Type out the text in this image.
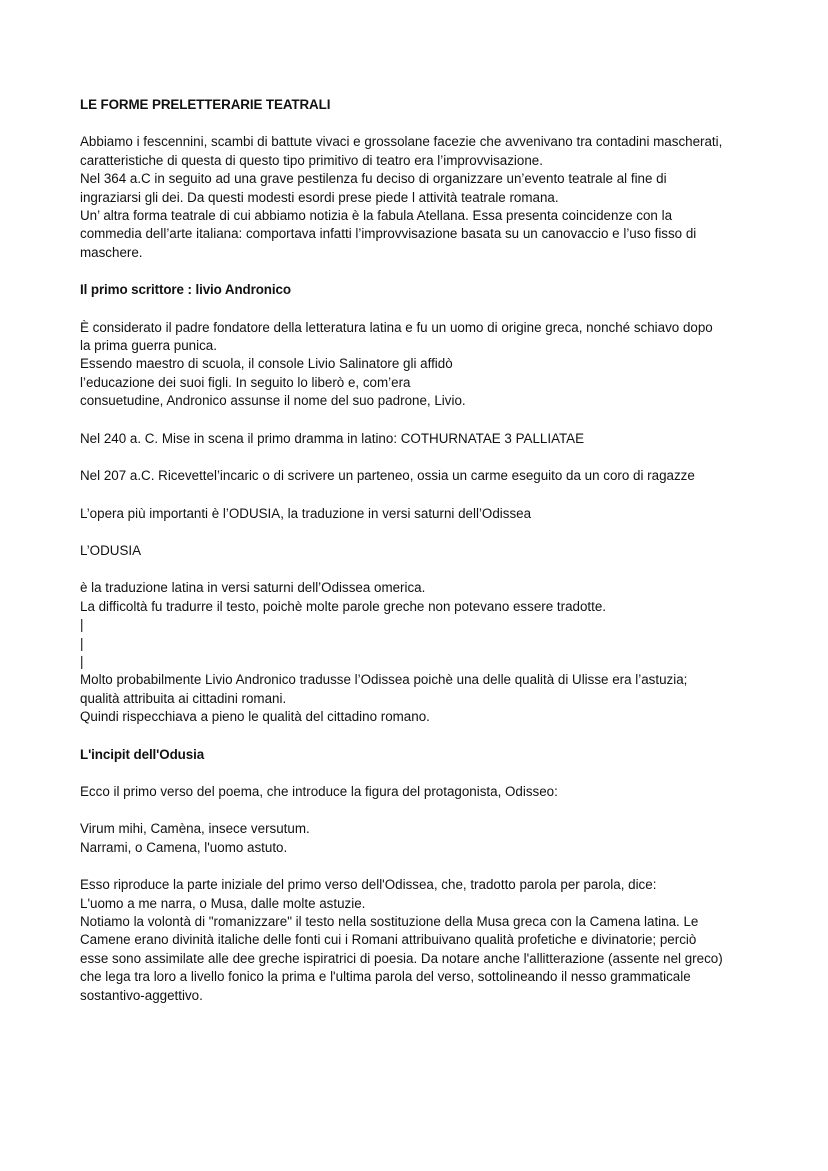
LE FORME PRELETTERARIE TEATRALI

Abbiamo i fescennini, scambi di battute vivaci e grossolane facezie che avvenivano tra contadini mascherati,

caratteristiche di questa di questo tipo primitivo di teatro era l’improvvisazione.

Nel 364 a.C in seguito ad una grave pestilenza fu deciso di organizzare un’evento teatrale al fine di

ingraziarsi gli dei. Da questi modesti esordi prese piede l attività teatrale romana.

Un’ altra forma teatrale di cui abbiamo notizia è la fabula Atellana. Essa presenta coincidenze con la

commedia dell’arte italiana: comportava infatti l’improvvisazione basata su un canovaccio e l’uso fisso di

maschere.

Il primo scrittore : livio Andronico

È considerato il padre fondatore della letteratura latina e fu un uomo di origine greca, nonché schiavo dopo

la prima guerra punica.

Essendo maestro di scuola, il console Livio Salinatore gli affidò

l’educazione dei suoi figli. In seguito lo liberò e, com’era

consuetudine, Andronico assunse il nome del suo padrone, Livio.

Nel 240 a. C. Mise in scena il primo dramma in latino: COTHURNATAE 3 PALLIATAE

Nel 207 a.C. Ricevettel’incaric o di scrivere un parteneo, ossia un carme eseguito da un coro di ragazze

L’opera più importanti è l’ODUSIA, la traduzione in versi saturni dell’Odissea

L’ODUSIA

è la traduzione latina in versi saturni dell’Odissea omerica.

La difficoltà fu tradurre il testo, poichè molte parole greche non potevano essere tradotte.

|

|

|

Molto probabilmente Livio Andronico tradusse l’Odissea poichè una delle qualità di Ulisse era l’astuzia;

qualità attribuita ai cittadini romani.

Quindi rispecchiava a pieno le qualità del cittadino romano.

L'incipit dell'Odusia

Ecco il primo verso del poema, che introduce la figura del protagonista, Odisseo:

Virum mihi, Camèna, insece versutum.

Narrami, o Camena, l'uomo astuto.

Esso riproduce la parte iniziale del primo verso dell'Odissea, che, tradotto parola per parola, dice:

L'uomo a me narra, o Musa, dalle molte astuzie.

Notiamo la volontà di "romanizzare" il testo nella sostituzione della Musa greca con la Camena latina. Le

Camene erano divinità italiche delle fonti cui i Romani attribuivano qualità profetiche e divinatorie; perciò

esse sono assimilate alle dee greche ispiratrici di poesia. Da notare anche l'allitterazione (assente nel greco)

che lega tra loro a livello fonico la prima e l'ultima parola del verso, sottolineando il nesso grammaticale

sostantivo-aggettivo.
